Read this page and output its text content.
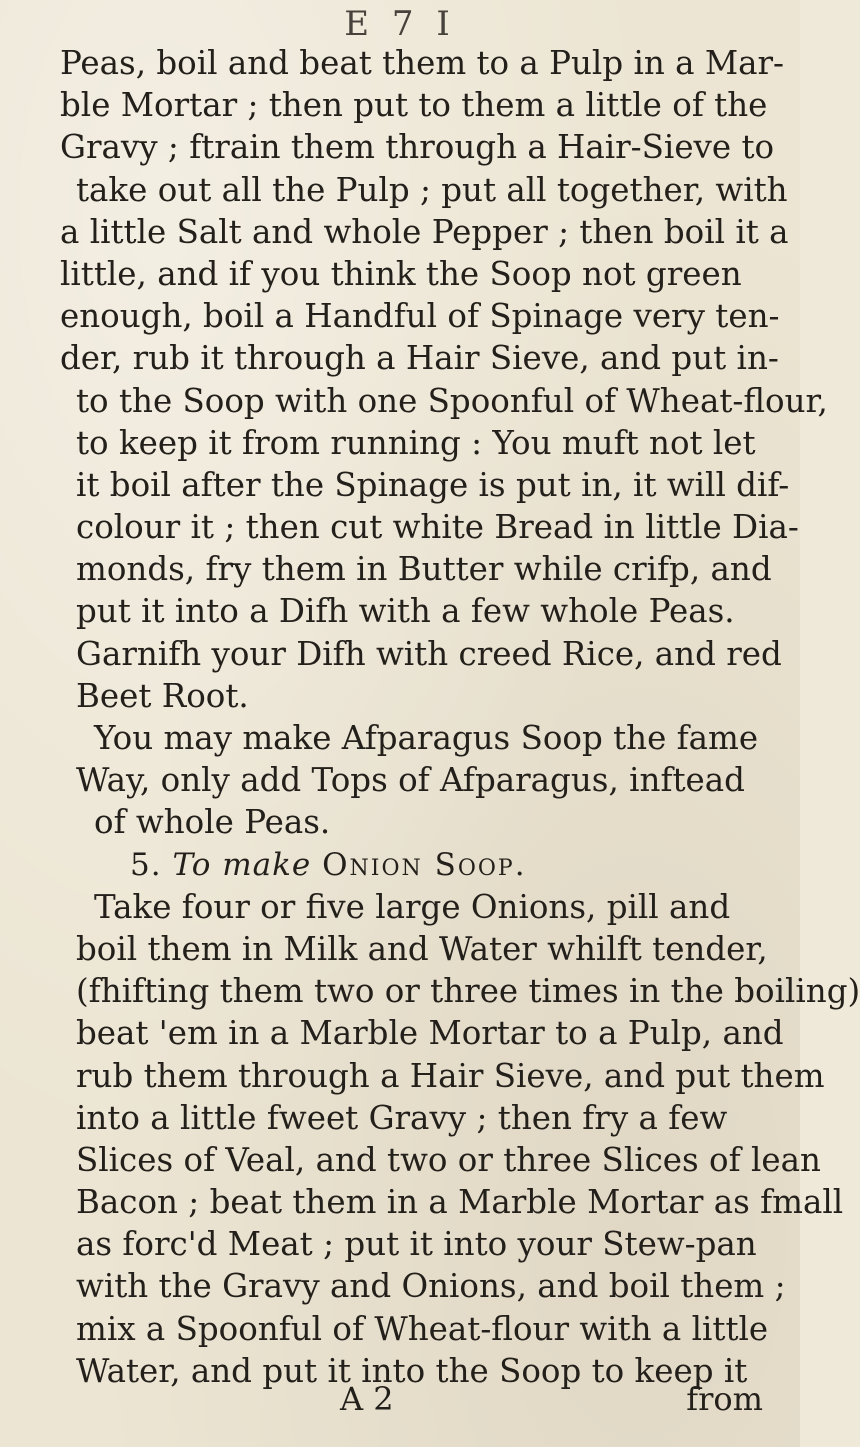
E 7 I
Peas, boil and beat them to a Pulp in a Mar-
ble Mortar ; then put to them a little of the
Gravy ; ftrain them through a Hair-Sieve to
take out all the Pulp ; put all together, with
a little Salt and whole Pepper ; then boil it a
little, and if you think the Soop not green
enough, boil a Handful of Spinage very ten-
der, rub it through a Hair Sieve, and put in-
to the Soop with one Spoonful of Wheat-flour,
to keep it from running : You muft not let
it boil after the Spinage is put in, it will dif-
colour it ; then cut white Bread in little Dia-
monds, fry them in Butter while crifp, and
put it into a Difh with a few whole Peas.
Garnifh your Difh with creed Rice, and red
Beet Root.
You may make Afparagus Soop the fame
Way, only add Tops of Afparagus, inftead
of whole Peas.
5. To make Onion Soop.
Take four or five large Onions, pill and
boil them in Milk and Water whilft tender,
(fhifting them two or three times in the boiling)
beat 'em in a Marble Mortar to a Pulp, and
rub them through a Hair Sieve, and put them
into a little fweet Gravy ; then fry a few
Slices of Veal, and two or three Slices of lean
Bacon ; beat them in a Marble Mortar as fmall
as forc'd Meat ; put it into your Stew-pan
with the Gravy and Onions, and boil them ;
mix a Spoonful of Wheat-flour with a little
Water, and put it into the Soop to keep it
A 2	from
